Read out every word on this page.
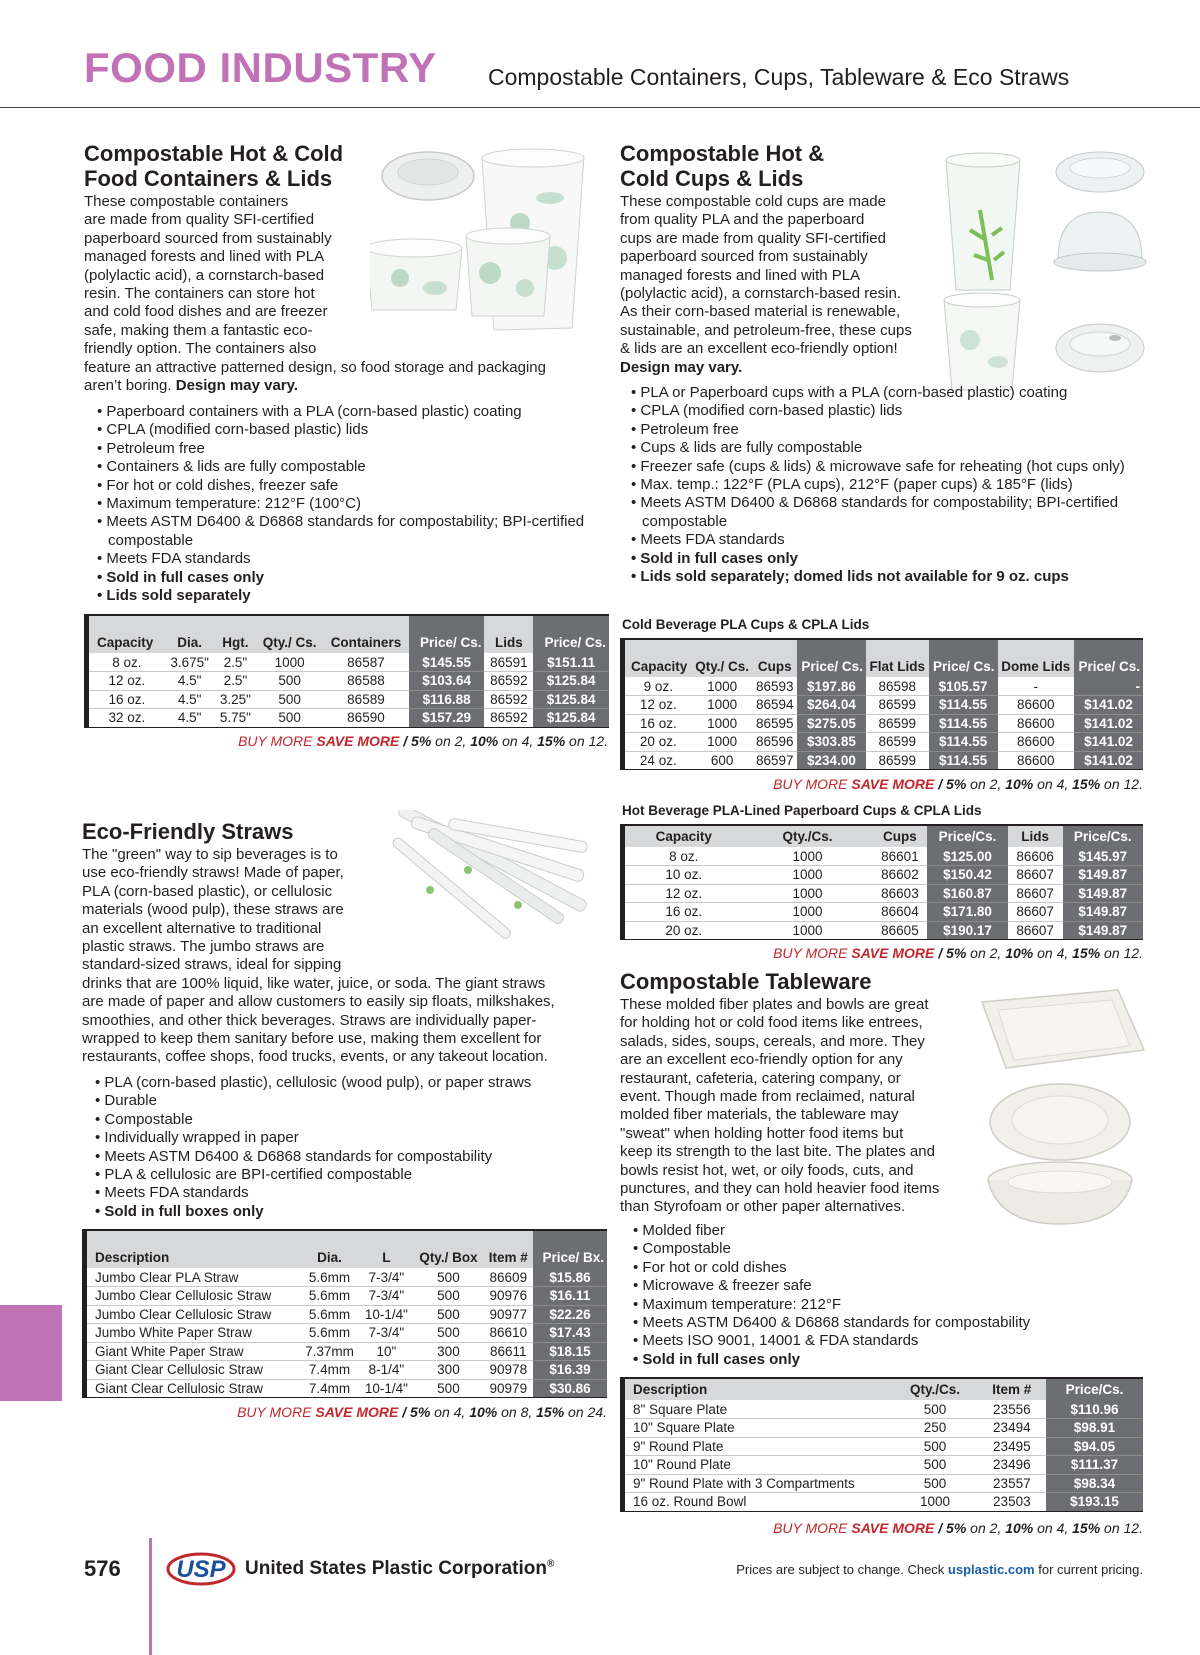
FOOD INDUSTRY Compostable Containers, Cups, Tableware & Eco Straws
Compostable Hot & Cold
Food Containers & Lids
These compostable containers
are made from quality SFI-certified
paperboard sourced from sustainably
managed forests and lined with PLA
(polylactic acid), a cornstarch-based
resin. The containers can store hot
and cold food dishes and are freezer
safe, making them a fantastic eco-
friendly option. The containers also
feature an attractive patterned design, so food storage and packaging
aren’t boring. Design may vary.
• Paperboard containers with a PLA (corn-based plastic) coating
• CPLA (modified corn-based plastic) lids
• Petroleum free
• Containers & lids are fully compostable
• For hot or cold dishes, freezer safe
• Maximum temperature: 212°F (100°C)
• Meets ASTM D6400 & D6868 standards for compostability; BPI-certified compostable
• Meets FDA standards
• Sold in full cases only
• Lids sold separately
Capacity	Dia.	Hgt.	Qty./ Cs.	Containers	Price/ Cs.	Lids	Price/ Cs.
8 oz.	3.675"	2.5"	1000	86587	$145.55	86591	$151.11
12 oz.	4.5"	2.5"	500	86588	$103.64	86592	$125.84
16 oz.	4.5"	3.25"	500	86589	$116.88	86592	$125.84
32 oz.	4.5"	5.75"	500	86590	$157.29	86592	$125.84
BUY MORE SAVE MORE / 5% on 2, 10% on 4, 15% on 12.
Compostable Hot &
Cold Cups & Lids
These compostable cold cups are made
from quality PLA and the paperboard
cups are made from quality SFI-certified
paperboard sourced from sustainably
managed forests and lined with PLA
(polylactic acid), a cornstarch-based resin.
As their corn-based material is renewable,
sustainable, and petroleum-free, these cups
& lids are an excellent eco-friendly option!
Design may vary.
• PLA or Paperboard cups with a PLA (corn-based plastic) coating
• CPLA (modified corn-based plastic) lids
• Petroleum free
• Cups & lids are fully compostable
• Freezer safe (cups & lids) & microwave safe for reheating (hot cups only)
• Max. temp.: 122°F (PLA cups), 212°F (paper cups) & 185°F (lids)
• Meets ASTM D6400 & D6868 standards for compostability; BPI-certified compostable
• Meets FDA standards
• Sold in full cases only
• Lids sold separately; domed lids not available for 9 oz. cups
Cold Beverage PLA Cups & CPLA Lids
Capacity	Qty./ Cs.	Cups	Price/ Cs.	Flat Lids	Price/ Cs.	Dome Lids	Price/ Cs.
9 oz.	1000	86593	$197.86	86598	$105.57	-	-
12 oz.	1000	86594	$264.04	86599	$114.55	86600	$141.02
16 oz.	1000	86595	$275.05	86599	$114.55	86600	$141.02
20 oz.	1000	86596	$303.85	86599	$114.55	86600	$141.02
24 oz.	600	86597	$234.00	86599	$114.55	86600	$141.02
BUY MORE SAVE MORE / 5% on 2, 10% on 4, 15% on 12.
Hot Beverage PLA-Lined Paperboard Cups & CPLA Lids
Capacity	Qty./Cs.	Cups	Price/Cs.	Lids	Price/Cs.
8 oz.	1000	86601	$125.00	86606	$145.97
10 oz.	1000	86602	$150.42	86607	$149.87
12 oz.	1000	86603	$160.87	86607	$149.87
16 oz.	1000	86604	$171.80	86607	$149.87
20 oz.	1000	86605	$190.17	86607	$149.87
BUY MORE SAVE MORE / 5% on 2, 10% on 4, 15% on 12.
Eco-Friendly Straws
The "green" way to sip beverages is to
use eco-friendly straws! Made of paper,
PLA (corn-based plastic), or cellulosic
materials (wood pulp), these straws are
an excellent alternative to traditional
plastic straws. The jumbo straws are
standard-sized straws, ideal for sipping
drinks that are 100% liquid, like water, juice, or soda. The giant straws
are made of paper and allow customers to easily sip floats, milkshakes,
smoothies, and other thick beverages. Straws are individually paper-
wrapped to keep them sanitary before use, making them excellent for
restaurants, coffee shops, food trucks, events, or any takeout location.
• PLA (corn-based plastic), cellulosic (wood pulp), or paper straws
• Durable
• Compostable
• Individually wrapped in paper
• Meets ASTM D6400 & D6868 standards for compostability
• PLA & cellulosic are BPI-certified compostable
• Meets FDA standards
• Sold in full boxes only
Description	Dia.	L	Qty./ Box	Item #	Price/ Bx.
Jumbo Clear PLA Straw	5.6mm	7-3/4"	500	86609	$15.86
Jumbo Clear Cellulosic Straw	5.6mm	7-3/4"	500	90976	$16.11
Jumbo Clear Cellulosic Straw	5.6mm	10-1/4"	500	90977	$22.26
Jumbo White Paper Straw	5.6mm	7-3/4"	500	86610	$17.43
Giant White Paper Straw	7.37mm	10"	300	86611	$18.15
Giant Clear Cellulosic Straw	7.4mm	8-1/4"	300	90978	$16.39
Giant Clear Cellulosic Straw	7.4mm	10-1/4"	500	90979	$30.86
BUY MORE SAVE MORE / 5% on 4, 10% on 8, 15% on 24.
Compostable Tableware
These molded fiber plates and bowls are great
for holding hot or cold food items like entrees,
salads, sides, soups, cereals, and more. They
are an excellent eco-friendly option for any
restaurant, cafeteria, catering company, or
event. Though made from reclaimed, natural
molded fiber materials, the tableware may
"sweat" when holding hotter food items but
keep its strength to the last bite. The plates and
bowls resist hot, wet, or oily foods, cuts, and
punctures, and they can hold heavier food items
than Styrofoam or other paper alternatives.
• Molded fiber
• Compostable
• For hot or cold dishes
• Microwave & freezer safe
• Maximum temperature: 212°F
• Meets ASTM D6400 & D6868 standards for compostability
• Meets ISO 9001, 14001 & FDA standards
• Sold in full cases only
Description	Qty./Cs.	Item #	Price/Cs.
8" Square Plate	500	23556	$110.96
10" Square Plate	250	23494	$98.91
9" Round Plate	500	23495	$94.05
10" Round Plate	500	23496	$111.37
9" Round Plate with 3 Compartments	500	23557	$98.34
16 oz. Round Bowl	1000	23503	$193.15
BUY MORE SAVE MORE / 5% on 2, 10% on 4, 15% on 12.
576 USP United States Plastic Corporation®	Prices are subject to change. Check usplastic.com for current pricing.
